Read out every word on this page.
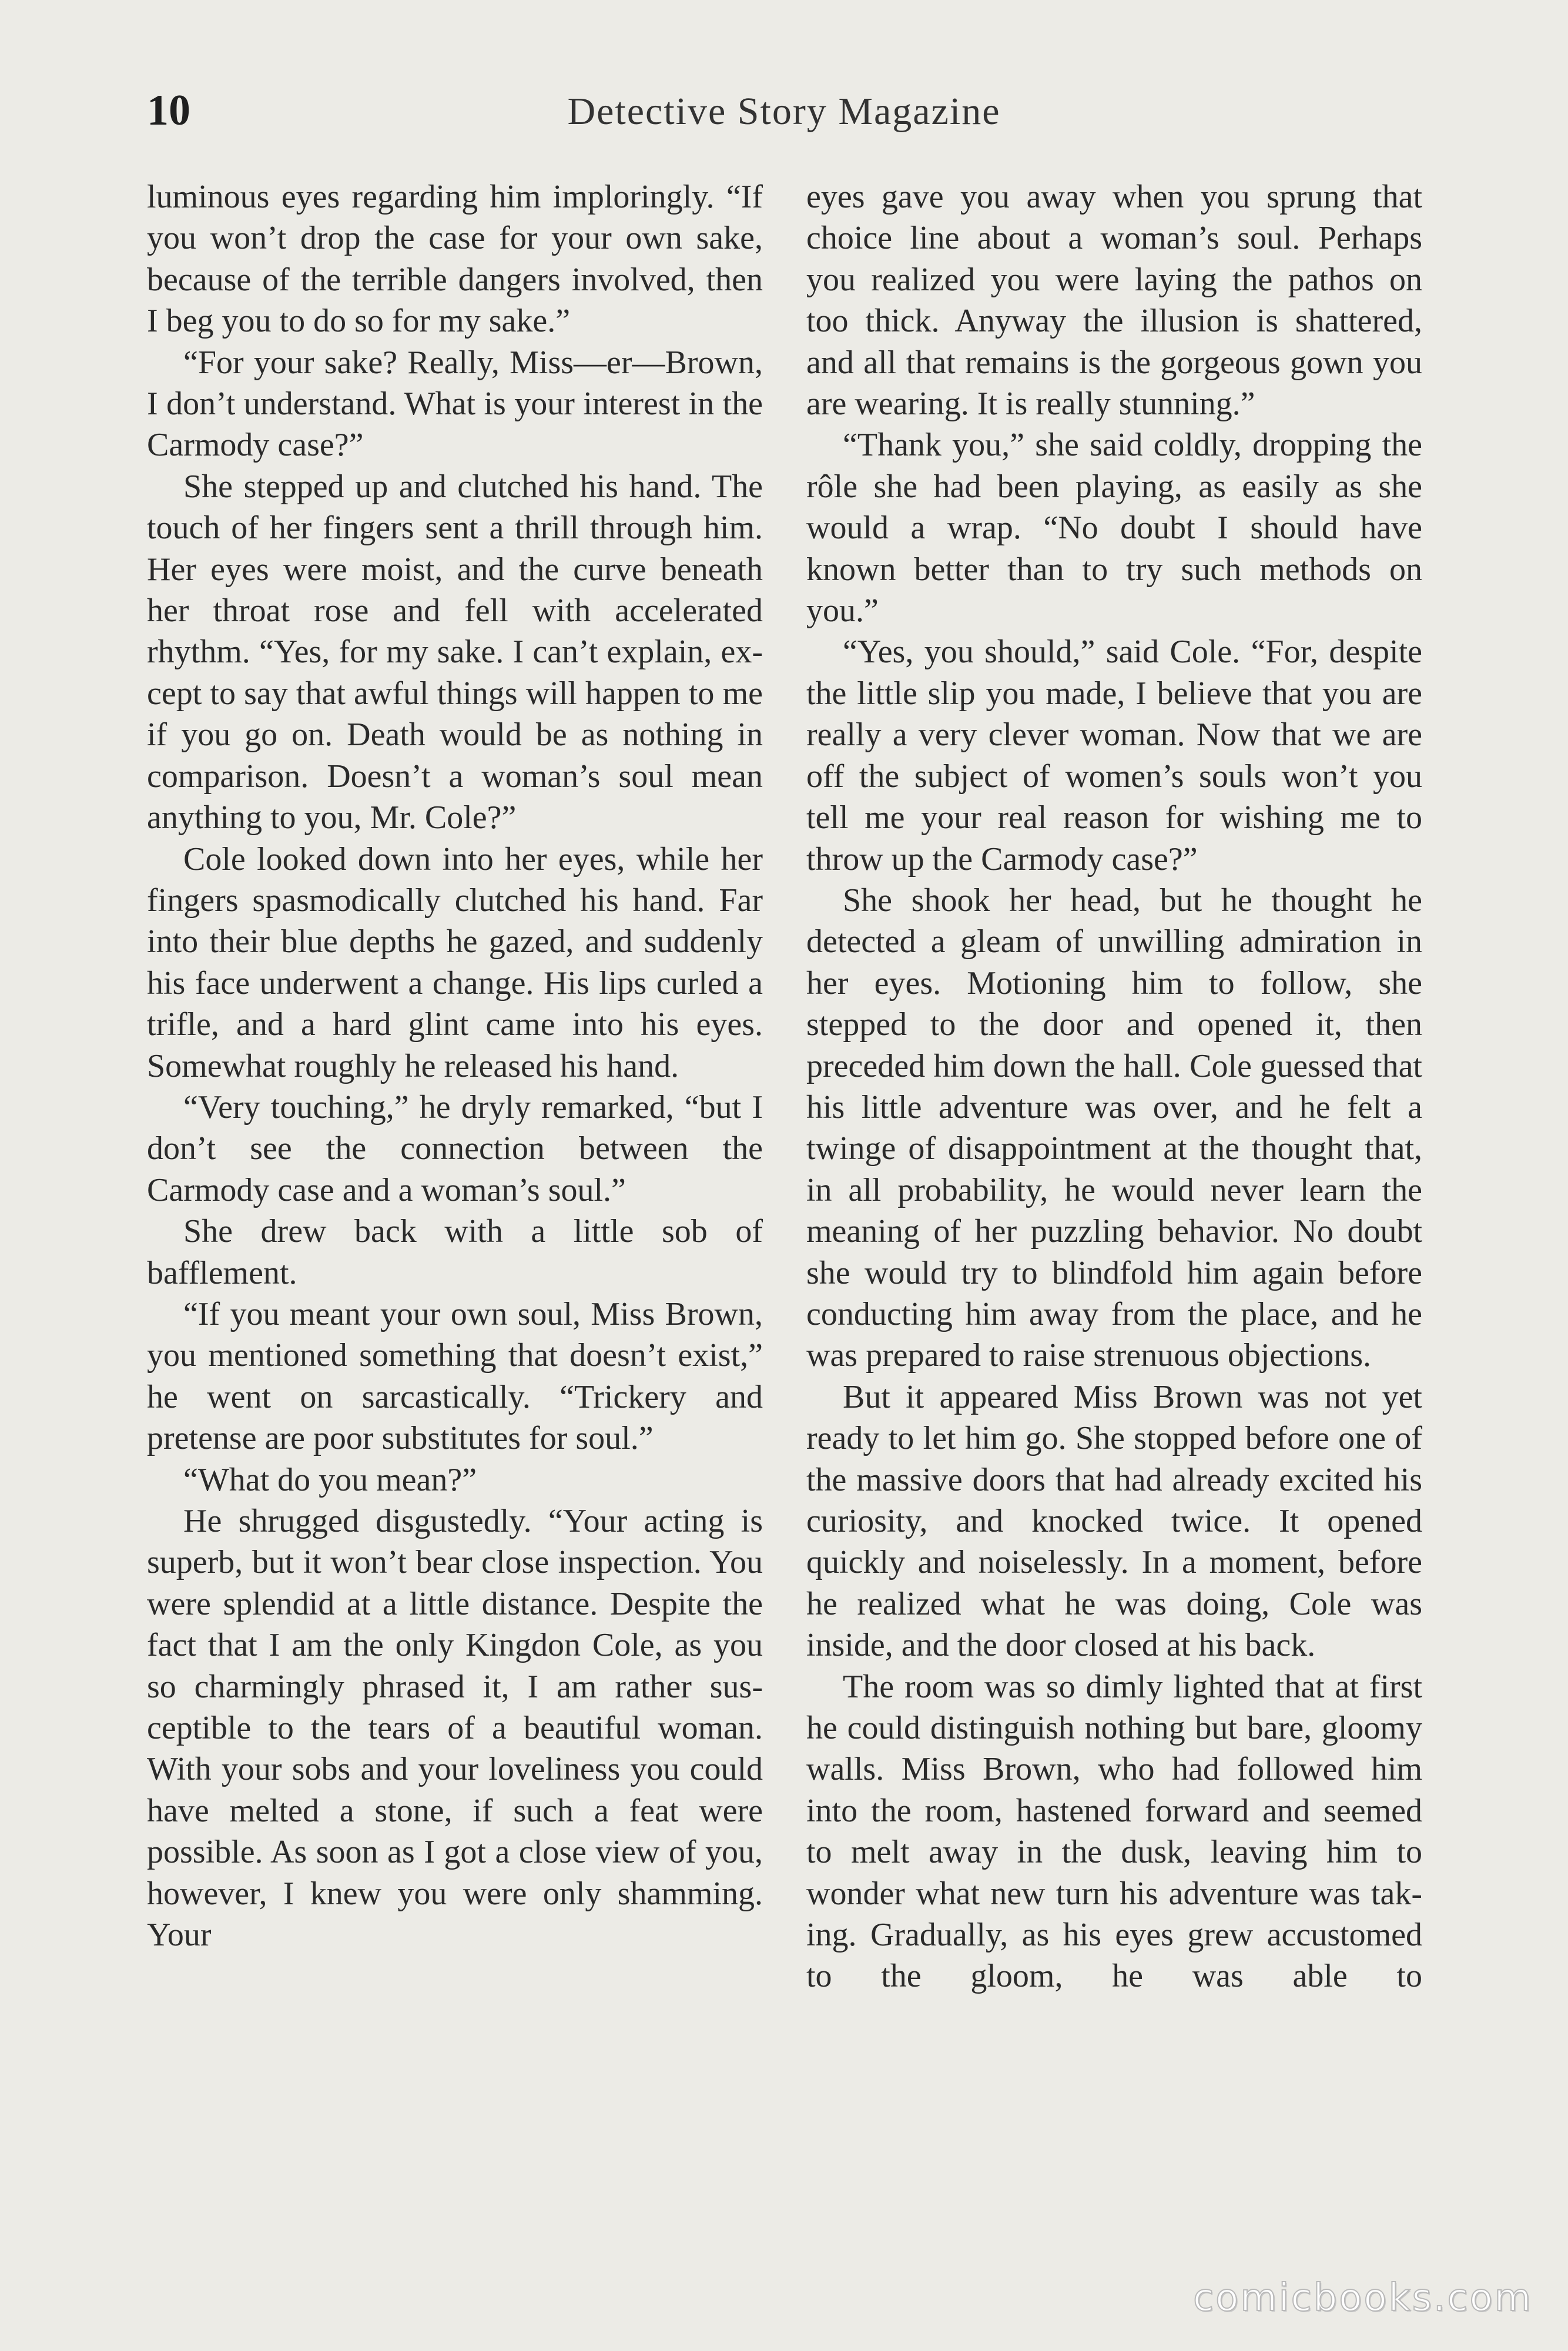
10	Detective Story Magazine

luminous eyes regarding him imploringly. “If you won’t drop the case for your own sake, because of the terrible dangers involved, then I beg you to do so for my sake.”

“For your sake? Really, Miss—er—Brown, I don’t understand. What is your interest in the Carmody case?”

She stepped up and clutched his hand. The touch of her fingers sent a thrill through him. Her eyes were moist, and the curve beneath her throat rose and fell with accelerated rhythm. “Yes, for my sake. I can’t explain, except to say that awful things will happen to me if you go on. Death would be as nothing in comparison. Doesn’t a woman’s soul mean anything to you, Mr. Cole?”

Cole looked down into her eyes, while her fingers spasmodically clutched his hand. Far into their blue depths he gazed, and suddenly his face underwent a change. His lips curled a trifle, and a hard glint came into his eyes. Somewhat roughly he released his hand.

“Very touching,” he dryly remarked, “but I don’t see the connection between the Carmody case and a woman’s soul.”

She drew back with a little sob of bafflement.

“If you meant your own soul, Miss Brown, you mentioned something that doesn’t exist,” he went on sarcastically. “Trickery and pretense are poor substitutes for soul.”

“What do you mean?”

He shrugged disgustedly. “Your acting is superb, but it won’t bear close inspection. You were splendid at a little distance. Despite the fact that I am the only Kingdon Cole, as you so charmingly phrased it, I am rather susceptible to the tears of a beautiful woman. With your sobs and your loveliness you could have melted a stone, if such a feat were possible. As soon as I got a close view of you, however, I knew you were only shamming. Your

eyes gave you away when you sprung that choice line about a woman’s soul. Perhaps you realized you were laying the pathos on too thick. Anyway the illusion is shattered, and all that remains is the gorgeous gown you are wearing. It is really stunning.”

“Thank you,” she said coldly, dropping the rôle she had been playing, as easily as she would a wrap. “No doubt I should have known better than to try such methods on you.”

“Yes, you should,” said Cole. “For, despite the little slip you made, I believe that you are really a very clever woman. Now that we are off the subject of women’s souls won’t you tell me your real reason for wishing me to throw up the Carmody case?”

She shook her head, but he thought he detected a gleam of unwilling admiration in her eyes. Motioning him to follow, she stepped to the door and opened it, then preceded him down the hall. Cole guessed that his little adventure was over, and he felt a twinge of disappointment at the thought that, in all probability, he would never learn the meaning of her puzzling behavior. No doubt she would try to blindfold him again before conducting him away from the place, and he was prepared to raise strenuous objections.

But it appeared Miss Brown was not yet ready to let him go. She stopped before one of the massive doors that had already excited his curiosity, and knocked twice. It opened quickly and noiselessly. In a moment, before he realized what he was doing, Cole was inside, and the door closed at his back.

The room was so dimly lighted that at first he could distinguish nothing but bare, gloomy walls. Miss Brown, who had followed him into the room, hastened forward and seemed to melt away in the dusk, leaving him to wonder what new turn his adventure was taking. Gradually, as his eyes grew accustomed to the gloom, he was able to

comicbooks.com
